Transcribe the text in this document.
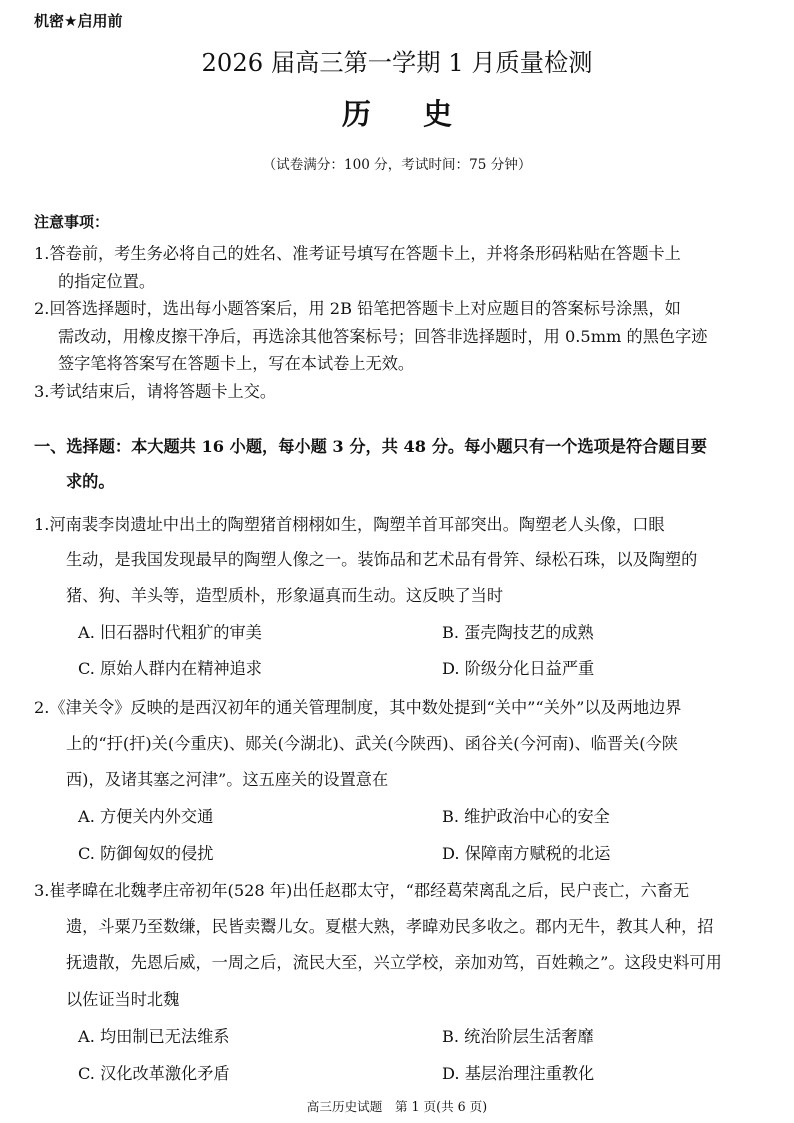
机密★启用前
2026 届高三第一学期 1 月质量检测
历史
（试卷满分：100 分，考试时间：75 分钟）
注意事项：
1.答卷前，考生务必将自己的姓名、准考证号填写在答题卡上，并将条形码粘贴在答题卡上
的指定位置。
2.回答选择题时，选出每小题答案后，用 2B 铅笔把答题卡上对应题目的答案标号涂黑，如
需改动，用橡皮擦干净后，再选涂其他答案标号；回答非选择题时，用 0.5mm 的黑色字迹
签字笔将答案写在答题卡上，写在本试卷上无效。
3.考试结束后，请将答题卡上交。
一、选择题：本大题共 16 小题，每小题 3 分，共 48 分。每小题只有一个选项是符合题目要
求的。
1.河南裴李岗遗址中出土的陶塑猪首栩栩如生，陶塑羊首耳部突出。陶塑老人头像，口眼
生动，是我国发现最早的陶塑人像之一。装饰品和艺术品有骨笄、绿松石珠，以及陶塑的
猪、狗、羊头等，造型质朴，形象逼真而生动。这反映了当时
A. 旧石器时代粗犷的审美	B. 蛋壳陶技艺的成熟
C. 原始人群内在精神追求	D. 阶级分化日益严重
2.《津关令》反映的是西汉初年的通关管理制度，其中数处提到“关中”“关外”以及两地边界
上的“扜(扞)关(今重庆)、郧关(今湖北)、武关(今陕西)、函谷关(今河南)、临晋关(今陕
西)，及诸其塞之河津”。这五座关的设置意在
A. 方便关内外交通	B. 维护政治中心的安全
C. 防御匈奴的侵扰	D. 保障南方赋税的北运
3.崔孝暐在北魏孝庄帝初年(528 年)出任赵郡太守，“郡经葛荣离乱之后，民户丧亡，六畜无
遗，斗粟乃至数缣，民皆卖鬻儿女。夏椹大熟，孝暐劝民多收之。郡内无牛，教其人种，招
抚遗散，先恩后威，一周之后，流民大至，兴立学校，亲加劝笃，百姓赖之”。这段史料可用
以佐证当时北魏
A. 均田制已无法维系	B. 统治阶层生活奢靡
C. 汉化改革激化矛盾	D. 基层治理注重教化
高三历史试题　第 1 页(共 6 页)
